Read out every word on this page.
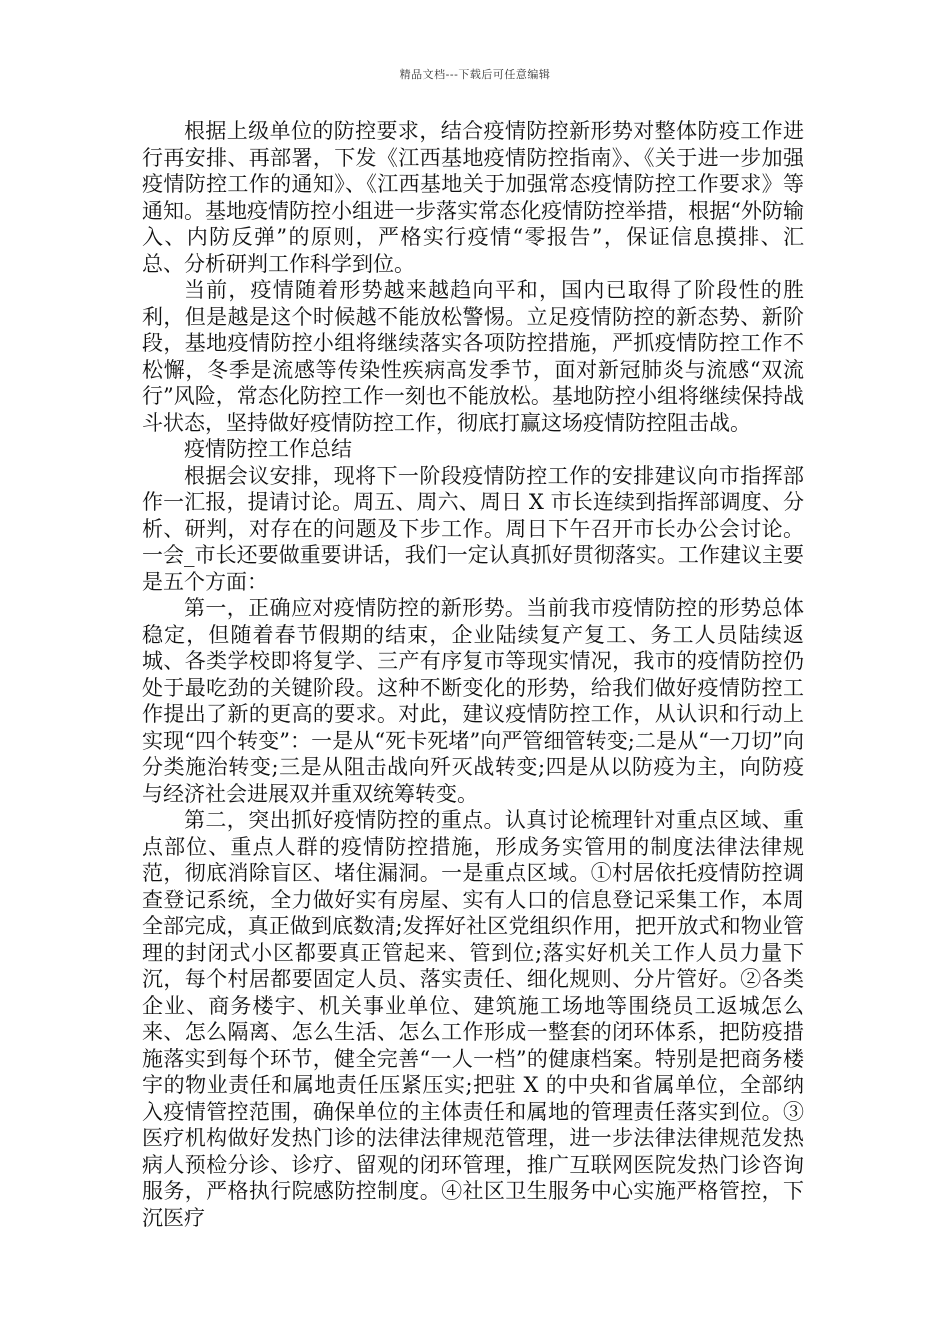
精品文档---下载后可任意编辑

根据上级单位的防控要求，结合疫情防控新形势对整体防疫工作进行再安排、再部署，下发《江西基地疫情防控指南》、《关于进一步加强疫情防控工作的通知》、《江西基地关于加强常态疫情防控工作要求》等通知。基地疫情防控小组进一步落实常态化疫情防控举措，根据“外防输入、内防反弹”的原则，严格实行疫情“零报告”，保证信息摸排、汇总、分析研判工作科学到位。

当前，疫情随着形势越来越趋向平和，国内已取得了阶段性的胜利，但是越是这个时候越不能放松警惕。立足疫情防控的新态势、新阶段，基地疫情防控小组将继续落实各项防控措施，严抓疫情防控工作不松懈，冬季是流感等传染性疾病高发季节，面对新冠肺炎与流感“双流行”风险，常态化防控工作一刻也不能放松。基地防控小组将继续保持战斗状态，坚持做好疫情防控工作，彻底打赢这场疫情防控阻击战。

疫情防控工作总结

根据会议安排，现将下一阶段疫情防控工作的安排建议向市指挥部作一汇报，提请讨论。周五、周六、周日 X 市长连续到指挥部调度、分析、研判，对存在的问题及下步工作。周日下午召开市长办公会讨论。一会_市长还要做重要讲话，我们一定认真抓好贯彻落实。工作建议主要是五个方面：

第一，正确应对疫情防控的新形势。当前我市疫情防控的形势总体稳定，但随着春节假期的结束，企业陆续复产复工、务工人员陆续返城、各类学校即将复学、三产有序复市等现实情况，我市的疫情防控仍处于最吃劲的关键阶段。这种不断变化的形势，给我们做好疫情防控工作提出了新的更高的要求。对此，建议疫情防控工作，从认识和行动上实现“四个转变”：一是从“死卡死堵”向严管细管转变;二是从“一刀切”向分类施治转变;三是从阻击战向歼灭战转变;四是从以防疫为主，向防疫与经济社会进展双并重双统筹转变。

第二，突出抓好疫情防控的重点。认真讨论梳理针对重点区域、重点部位、重点人群的疫情防控措施，形成务实管用的制度法律法律规范，彻底消除盲区、堵住漏洞。一是重点区域。①村居依托疫情防控调查登记系统，全力做好实有房屋、实有人口的信息登记采集工作，本周全部完成，真正做到底数清;发挥好社区党组织作用，把开放式和物业管理的封闭式小区都要真正管起来、管到位;落实好机关工作人员力量下沉，每个村居都要固定人员、落实责任、细化规则、分片管好。②各类企业、商务楼宇、机关事业单位、建筑施工场地等围绕员工返城怎么来、怎么隔离、怎么生活、怎么工作形成一整套的闭环体系，把防疫措施落实到每个环节，健全完善“一人一档”的健康档案。特别是把商务楼宇的物业责任和属地责任压紧压实;把驻 X 的中央和省属单位，全部纳入疫情管控范围，确保单位的主体责任和属地的管理责任落实到位。③医疗机构做好发热门诊的法律法律规范管理，进一步法律法律规范发热病人预检分诊、诊疗、留观的闭环管理，推广互联网医院发热门诊咨询服务，严格执行院感防控制度。④社区卫生服务中心实施严格管控，下沉医疗
